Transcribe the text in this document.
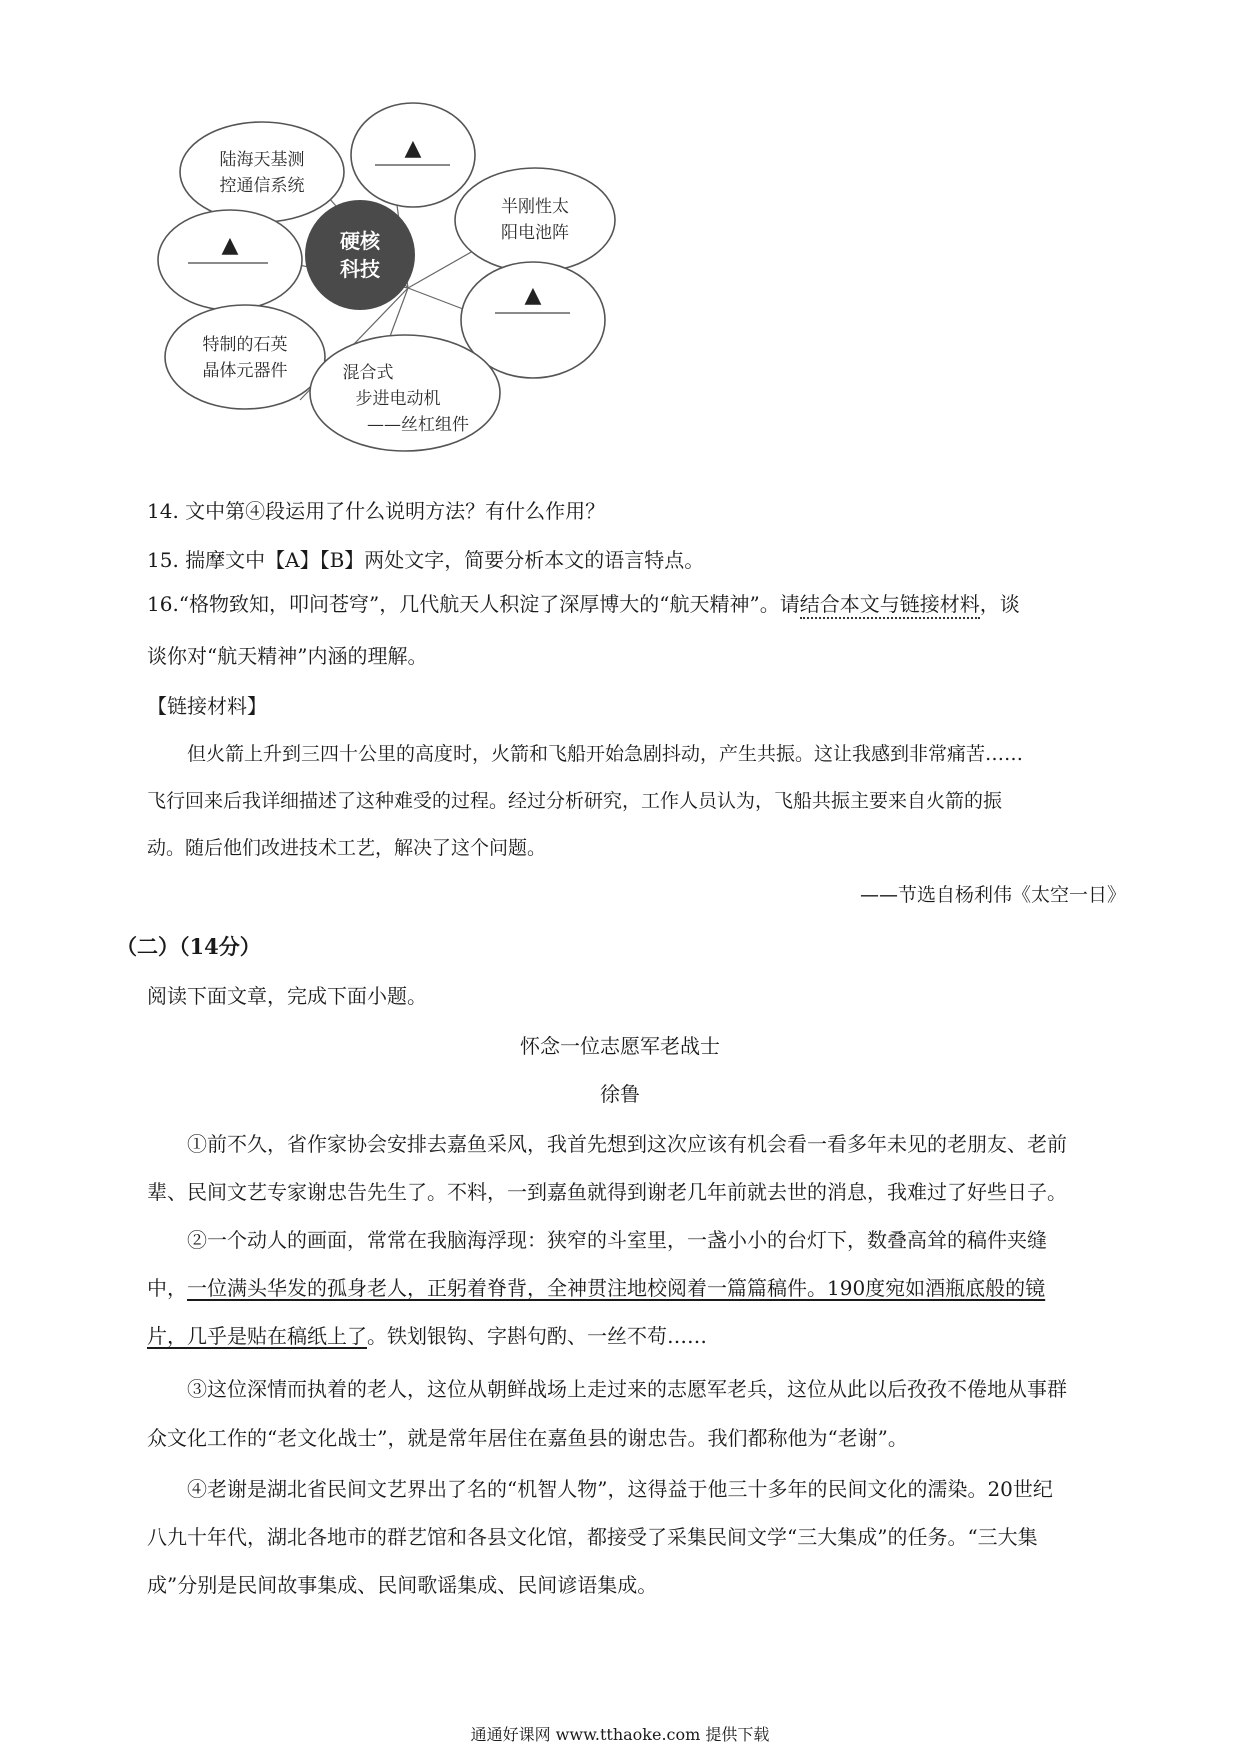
硬核
科技
陆海天基测
控通信系统
▲
半刚性太
阳电池阵
▲
▲
特制的石英
晶体元器件	混合式
步进电动机
——丝杠组件
14. 文中第④段运用了什么说明方法？有什么作用？
15. 揣摩文中【A】【B】两处文字，简要分析本文的语言特点。
16.“格物致知，叩问苍穹”，几代航天人积淀了深厚博大的“航天精神”。请结合本文与链接材料，谈
谈你对“航天精神”内涵的理解。
【链接材料】
但火箭上升到三四十公里的高度时，火箭和飞船开始急剧抖动，产生共振。这让我感到非常痛苦……
飞行回来后我详细描述了这种难受的过程。经过分析研究，工作人员认为，飞船共振主要来自火箭的振
动。随后他们改进技术工艺，解决了这个问题。
——节选自杨利伟《太空一日》
（二）（14分）
阅读下面文章，完成下面小题。
怀念一位志愿军老战士
徐鲁
①前不久，省作家协会安排去嘉鱼采风，我首先想到这次应该有机会看一看多年未见的老朋友、老前
辈、民间文艺专家谢忠告先生了。不料，一到嘉鱼就得到谢老几年前就去世的消息，我难过了好些日子。
②一个动人的画面，常常在我脑海浮现：狭窄的斗室里，一盏小小的台灯下，数叠高耸的稿件夹缝
中，一位满头华发的孤身老人，正躬着脊背，全神贯注地校阅着一篇篇稿件。190度宛如酒瓶底般的镜
片，几乎是贴在稿纸上了。铁划银钩、字斟句酌、一丝不苟……
③这位深情而执着的老人，这位从朝鲜战场上走过来的志愿军老兵，这位从此以后孜孜不倦地从事群
众文化工作的“老文化战士”，就是常年居住在嘉鱼县的谢忠告。我们都称他为“老谢”。
④老谢是湖北省民间文艺界出了名的“机智人物”，这得益于他三十多年的民间文化的濡染。20世纪
八九十年代，湖北各地市的群艺馆和各县文化馆，都接受了采集民间文学“三大集成”的任务。“三大集
成”分别是民间故事集成、民间歌谣集成、民间谚语集成。
通通好课网 www.tthaoke.com 提供下载
